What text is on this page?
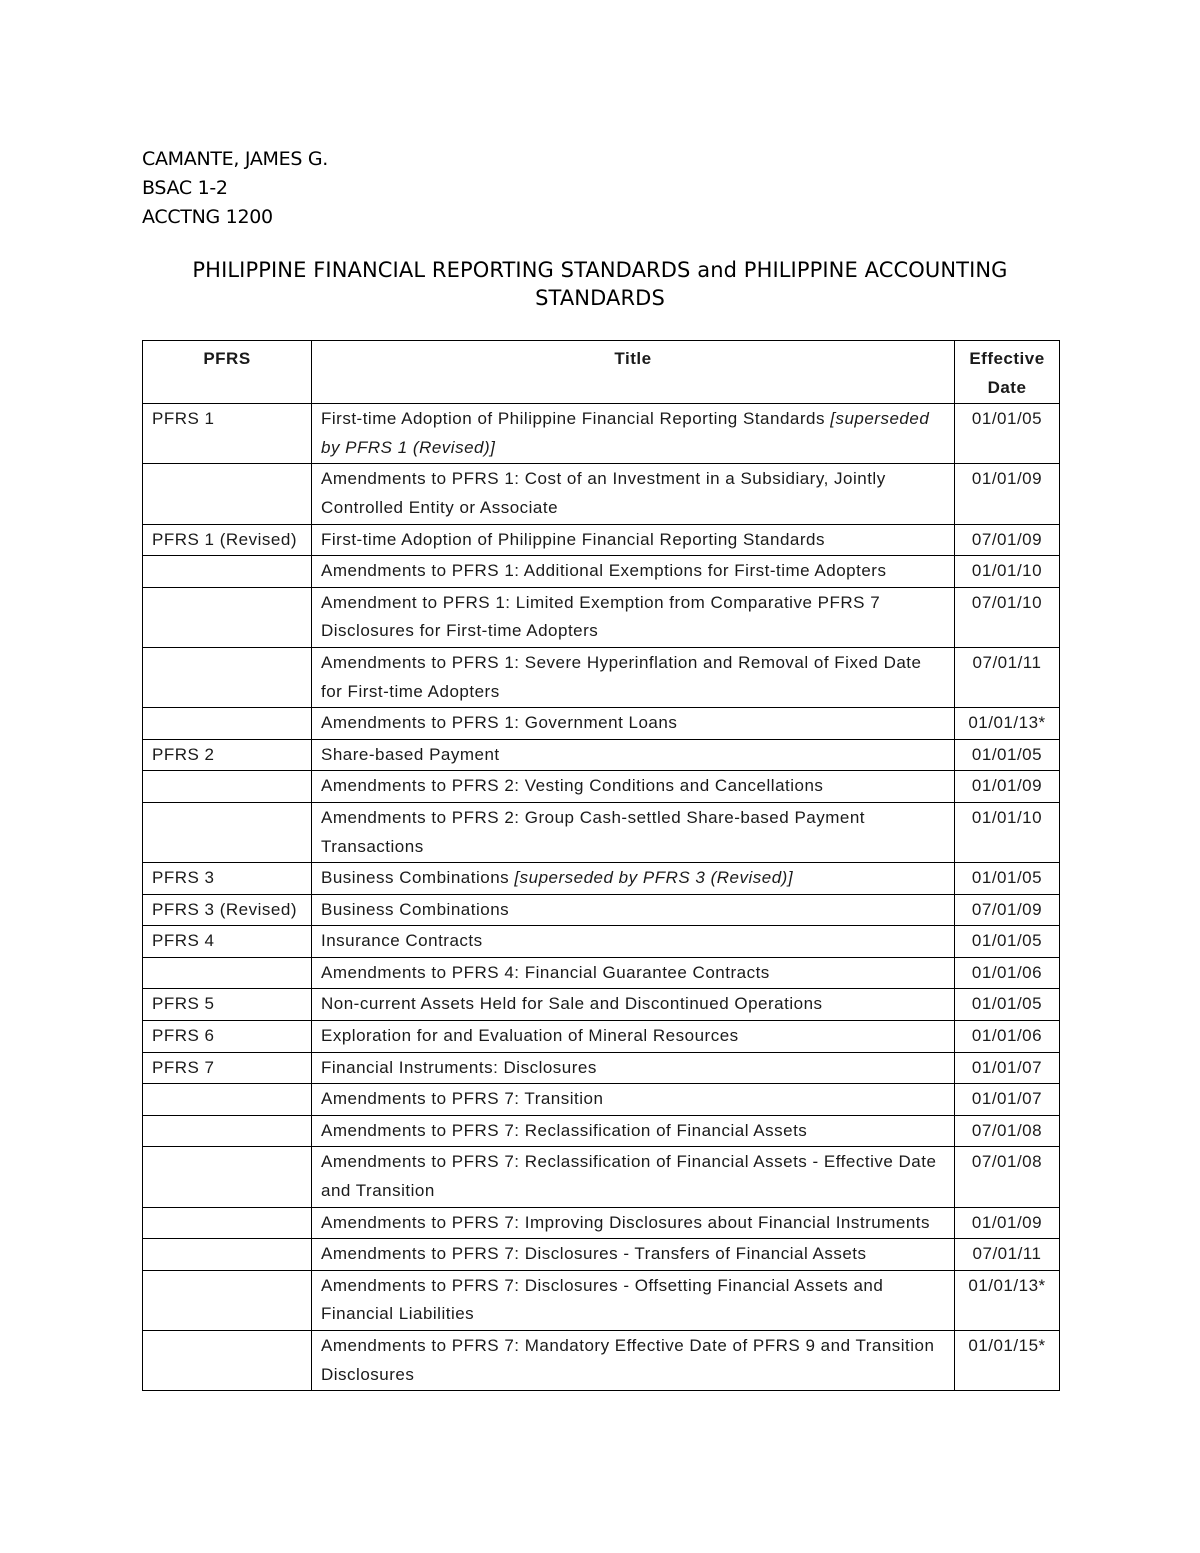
CAMANTE, JAMES G.
BSAC 1-2
ACCTNG 1200
PHILIPPINE FINANCIAL REPORTING STANDARDS and PHILIPPINE ACCOUNTING STANDARDS
PFRS	Title	Effective Date
PFRS 1	First-time Adoption of Philippine Financial Reporting Standards [superseded by PFRS 1 (Revised)]	01/01/05
	Amendments to PFRS 1: Cost of an Investment in a Subsidiary, Jointly Controlled Entity or Associate	01/01/09
PFRS 1 (Revised)	First-time Adoption of Philippine Financial Reporting Standards	07/01/09
	Amendments to PFRS 1: Additional Exemptions for First-time Adopters	01/01/10
	Amendment to PFRS 1: Limited Exemption from Comparative PFRS 7 Disclosures for First-time Adopters	07/01/10
	Amendments to PFRS 1: Severe Hyperinflation and Removal of Fixed Date for First-time Adopters	07/01/11
	Amendments to PFRS 1: Government Loans	01/01/13*
PFRS 2	Share-based Payment	01/01/05
	Amendments to PFRS 2: Vesting Conditions and Cancellations	01/01/09
	Amendments to PFRS 2: Group Cash-settled Share-based Payment Transactions	01/01/10
PFRS 3	Business Combinations [superseded by PFRS 3 (Revised)]	01/01/05
PFRS 3 (Revised)	Business Combinations	07/01/09
PFRS 4	Insurance Contracts	01/01/05
	Amendments to PFRS 4: Financial Guarantee Contracts	01/01/06
PFRS 5	Non-current Assets Held for Sale and Discontinued Operations	01/01/05
PFRS 6	Exploration for and Evaluation of Mineral Resources	01/01/06
PFRS 7	Financial Instruments: Disclosures	01/01/07
	Amendments to PFRS 7: Transition	01/01/07
	Amendments to PFRS 7: Reclassification of Financial Assets	07/01/08
	Amendments to PFRS 7: Reclassification of Financial Assets - Effective Date and Transition	07/01/08
	Amendments to PFRS 7: Improving Disclosures about Financial Instruments	01/01/09
	Amendments to PFRS 7: Disclosures - Transfers of Financial Assets	07/01/11
	Amendments to PFRS 7: Disclosures - Offsetting Financial Assets and Financial Liabilities	01/01/13*
	Amendments to PFRS 7: Mandatory Effective Date of PFRS 9 and Transition Disclosures	01/01/15*
